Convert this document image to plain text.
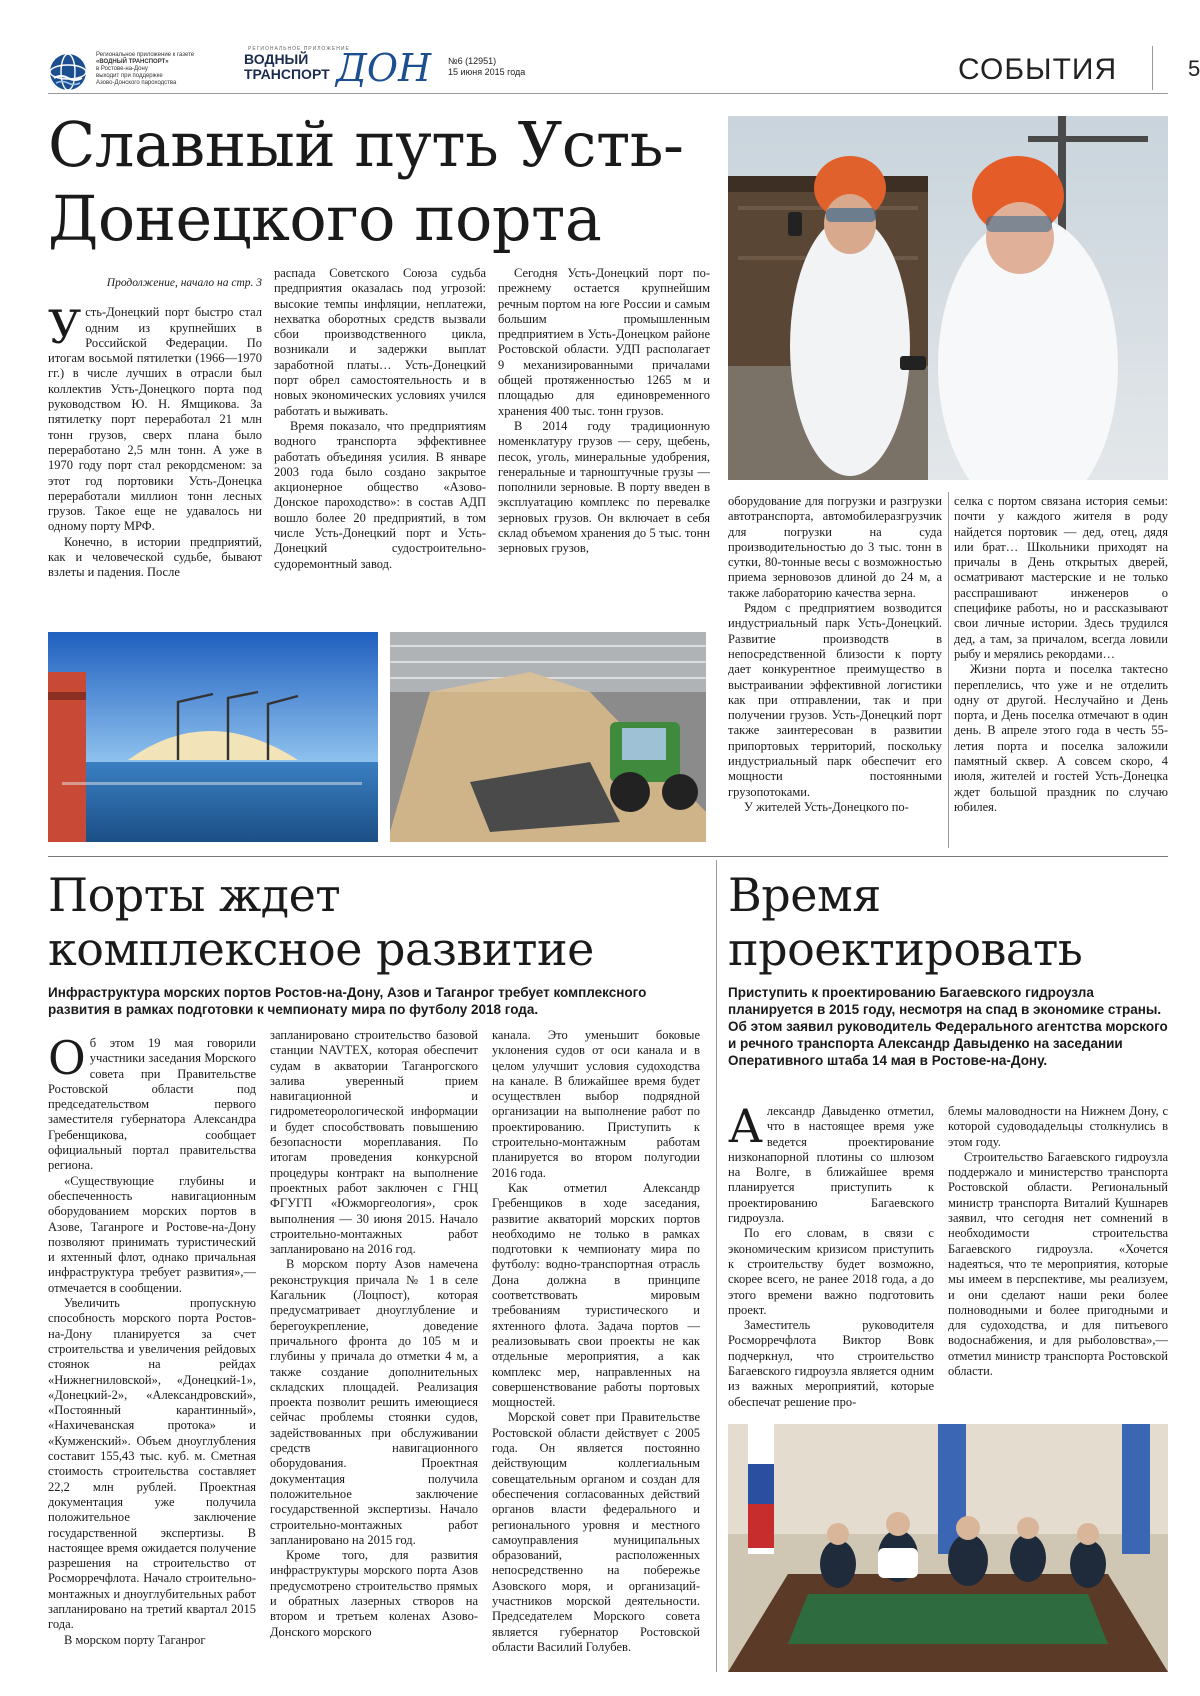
Региональное приложение к газете
«ВОДНЫЙ ТРАНСПОРТ»
в Ростове-на-Дону
выходит при поддержке
Азово-Донского пароходства
РЕГИОНАЛЬНОЕ ПРИЛОЖЕНИЕ
ВОДНЫЙ
ТРАНСПОРТ ДОН №6 (12951)
15 июня 2015 года	СОБЫТИЯ	5
Славный путь Усть-
Донецкого порта
Продолжение, начало на стр. 3

Усть-Донецкий порт быстро стал одним из крупнейших в Российской Федерации. По итогам восьмой пятилетки (1966—1970 гг.) в числе лучших в отрасли был коллектив Усть-Донецкого порта под руководством Ю. Н. Ямщикова. За пятилетку порт переработал 21 млн тонн грузов, сверх плана было переработано 2,5 млн тонн. А уже в 1970 году порт стал рекордсменом: за этот год портовики Усть-Донецка переработали миллион тонн лесных грузов. Такое еще не удавалось ни одному порту МРФ.

Конечно, в истории предприятий, как и человеческой судьбе, бывают взлеты и падения. После

распада Советского Союза судьба предприятия оказалась под угрозой: высокие темпы инфляции, неплатежи, нехватка оборотных средств вызвали сбои производственного цикла, возникали и задержки выплат заработной платы… Усть-Донецкий порт обрел самостоятельность и в новых экономических условиях учился работать и выживать.

Время показало, что предприятиям водного транспорта эффективнее работать объединяя усилия. В январе 2003 года было создано закрытое акционерное общество «Азово-Донское пароходство»: в состав АДП вошло более 20 предприятий, в том числе Усть-Донецкий порт и Усть-Донецкий судостроительно-судоремонтный завод.

Сегодня Усть-Донецкий порт по-прежнему остается крупнейшим речным портом на юге России и самым большим промышленным предприятием в Усть-Донецком районе Ростовской области. УДП располагает 9 механизированными причалами общей протяженностью 1265 м и площадью для единовременного хранения 400 тыс. тонн грузов.

В 2014 году традиционную номенклатуру грузов — серу, щебень, песок, уголь, минеральные удобрения, генеральные и тарноштучные грузы — пополнили зерновые. В порту введен в эксплуатацию комплекс по перевалке зерновых грузов. Он включает в себя склад объемом хранения до 5 тыс. тонн зерновых грузов,

оборудование для погрузки и разгрузки автотранспорта, автомобилеразгрузчик для погрузки на суда производительностью до 3 тыс. тонн в сутки, 80-тонные весы с возможностью приема зерновозов длиной до 24 м, а также лабораторию качества зерна.

Рядом с предприятием возводится индустриальный парк Усть-Донецкий. Развитие производств в непосредственной близости к порту дает конкурентное преимущество в выстраивании эффективной логистики как при отправлении, так и при получении грузов. Усть-Донецкий порт также заинтересован в развитии припортовых территорий, поскольку индустриальный парк обеспечит его мощности постоянными грузопотоками.

У жителей Усть-Донецкого по-

селка с портом связана история семьи: почти у каждого жителя в роду найдется портовик — дед, отец, дядя или брат… Школьники приходят на причалы в День открытых дверей, осматривают мастерские и не только расспрашивают инженеров о специфике работы, но и рассказывают свои личные истории. Здесь трудился дед, а там, за причалом, всегда ловили рыбу и мерялись рекордами…

Жизни порта и поселка тактесно переплелись, что уже и не отделить одну от другой. Неслучайно и День порта, и День поселка отмечают в один день. В апреле этого года в честь 55-летия порта и поселка заложили памятный сквер. А совсем скоро, 4 июля, жителей и гостей Усть-Донецка ждет большой праздник по случаю юбилея.

Порты ждет
комплексное развитие
Инфраструктура морских портов Ростов-на-Дону, Азов и Таганрог требует комплексного развития в рамках подготовки к чемпионату мира по футболу 2018 года.

Об этом 19 мая говорили участники заседания Морского совета при Правительстве Ростовской области под председательством первого заместителя губернатора Александра Гребенщикова, сообщает официальный портал правительства региона.

«Существующие глубины и обеспеченность навигационным оборудованием морских портов в Азове, Таганроге и Ростове-на-Дону позволяют принимать туристический и яхтенный флот, однако причальная инфраструктура требует развития»,—отмечается в сообщении.

Увеличить пропускную способность морского порта Ростов-на-Дону планируется за счет строительства и увеличения рейдовых стоянок на рейдах «Нижнегниловской», «Донецкий-1», «Донецкий-2», «Александровский», «Постоянный карантинный», «Нахичеванская протока» и «Кумженский». Объем дноуглубления составит 155,43 тыс. куб. м. Сметная стоимость строительства составляет 22,2 млн рублей. Проектная документация уже получила положительное заключение государственной экспертизы. В настоящее время ожидается получение разрешения на строительство от Росморречфлота. Начало строительно-монтажных и дноуглубительных работ запланировано на третий квартал 2015 года.

В морском порту Таганрог

запланировано строительство базовой станции NAVTEX, которая обеспечит судам в акватории Таганрогского залива уверенный прием навигационной и гидрометеорологической информации и будет способствовать повышению безопасности мореплавания. По итогам проведения конкурсной процедуры контракт на выполнение проектных работ заключен с ГНЦ ФГУГП «Южморгеология», срок выполнения — 30 июня 2015. Начало строительно-монтажных работ запланировано на 2016 год.

В морском порту Азов намечена реконструкция причала № 1 в селе Кагальник (Лоцпост), которая предусматривает дноуглубление и берегоукрепление, доведение причального фронта до 105 м и глубины у причала до отметки 4 м, а также создание дополнительных складских площадей. Реализация проекта позволит решить имеющиеся сейчас проблемы стоянки судов, задействованных при обслуживании средств навигационного оборудования. Проектная документация получила положительное заключение государственной экспертизы. Начало строительно-монтажных работ запланировано на 2015 год.

Кроме того, для развития инфраструктуры морского порта Азов предусмотрено строительство прямых и обратных лазерных створов на втором и третьем коленах Азово-Донского морского

канала. Это уменьшит боковые уклонения судов от оси канала и в целом улучшит условия судоходства на канале. В ближайшее время будет осуществлен выбор подрядной организации на выполнение работ по проектированию. Приступить к строительно-монтажным работам планируется во втором полугодии 2016 года.

Как отметил Александр Гребенщиков в ходе заседания, развитие акваторий морских портов необходимо не только в рамках подготовки к чемпионату мира по футболу: водно-транспортная отрасль Дона должна в принципе соответствовать мировым требованиям туристического и яхтенного флота. Задача портов — реализовывать свои проекты не как отдельные мероприятия, а как комплекс мер, направленных на совершенствование работы портовых мощностей.

Морской совет при Правительстве Ростовской области действует с 2005 года. Он является постоянно действующим коллегиальным совещательным органом и создан для обеспечения согласованных действий органов власти федерального и регионального уровня и местного самоуправления муниципальных образований, расположенных непосредственно на побережье Азовского моря, и организаций-участников морской деятельности. Председателем Морского совета является губернатор Ростовской области Василий Голубев.

Время
проектировать
Приступить к проектированию Багаевского гидроузла планируется в 2015 году, несмотря на спад в экономике страны. Об этом заявил руководитель Федерального агентства морского и речного транспорта Александр Давыденко на заседании Оперативного штаба 14 мая в Ростове-на-Дону.

Александр Давыденко отметил, что в настоящее время уже ведется проектирование низконапорной плотины со шлюзом на Волге, в ближайшее время планируется приступить к проектированию Багаевского гидроузла.

По его словам, в связи с экономическим кризисом приступить к строительству будет возможно, скорее всего, не ранее 2018 года, а до этого времени важно подготовить проект.

Заместитель руководителя Росморречфлота Виктор Вовк подчеркнул, что строительство Багаевского гидроузла является одним из важных мероприятий, которые обеспечат решение про-

блемы маловодности на Нижнем Дону, с которой судоводадельцы столкнулись в этом году.

Строительство Багаевского гидроузла поддержало и министерство транспорта Ростовской области. Региональный министр транспорта Виталий Кушнарев заявил, что сегодня нет сомнений в необходимости строительства Багаевского гидроузла. «Хочется надеяться, что те мероприятия, которые мы имеем в перспективе, мы реализуем, и они сделают наши реки более полноводными и более пригодными и для судоходства, и для питьевого водоснабжения, и для рыболовства»,— отметил министр транспорта Ростовской области.
